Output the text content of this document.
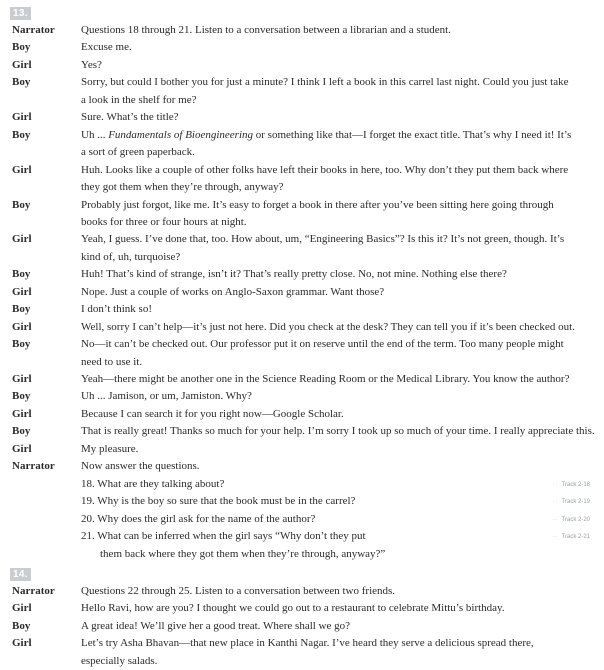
13.
Narrator Questions 18 through 21. Listen to a conversation between a librarian and a student.
Boy	Excuse me.
Girl	Yes?
Boy	Sorry, but could I bother you for just a minute? I think I left a book in this carrel last night. Could you just take
a look in the shelf for me?
Girl	Sure. What’s the title?
Boy	Uh ... Fundamentals of Bioengineering or something like that—I forget the exact title. That’s why I need it! It’s
a sort of green paperback.
Girl	Huh. Looks like a couple of other folks have left their books in here, too. Why don’t they put them back where
they got them when they’re through, anyway?
Boy	Probably just forgot, like me. It’s easy to forget a book in there after you’ve been sitting here going through
books for three or four hours at night.
Girl	Yeah, I guess. I’ve done that, too. How about, um, “Engineering Basics”? Is this it? It’s not green, though. It’s
kind of, uh, turquoise?
Boy	Huh! That’s kind of strange, isn’t it? That’s really pretty close. No, not mine. Nothing else there?
Girl	Nope. Just a couple of works on Anglo-Saxon grammar. Want those?
Boy	I don’t think so!
Girl	Well, sorry I can’t help—it’s just not here. Did you check at the desk? They can tell you if it’s been checked out.
Boy	No—it can’t be checked out. Our professor put it on reserve until the end of the term. Too many people might
need to use it.
Girl	Yeah—there might be another one in the Science Reading Room or the Medical Library. You know the author?
Boy	Uh ... Jamison, or um, Jamiston. Why?
Girl	Because I can search it for you right now—Google Scholar.
Boy	That is really great! Thanks so much for your help. I’m sorry I took up so much of your time. I really appreciate this.
Girl	My pleasure.
Narrator Now answer the questions.
18. What are they talking about?	·· Track 2-18
19. Why is the boy so sure that the book must be in the carrel?	·· Track 2-19
20. Why does the girl ask for the name of the author?	·· Track 2-20
21. What can be inferred when the girl says “Why don’t they put	·· Track 2-21
them back where they got them when they’re through, anyway?”
14.
Narrator Questions 22 through 25. Listen to a conversation between two friends.
Girl	Hello Ravi, how are you? I thought we could go out to a restaurant to celebrate Mittu’s birthday.
Boy	A great idea! We’ll give her a good treat. Where shall we go?
Girl	Let’s try Asha Bhavan—that new place in Kanthi Nagar. I’ve heard they serve a delicious spread there,
especially salads.
